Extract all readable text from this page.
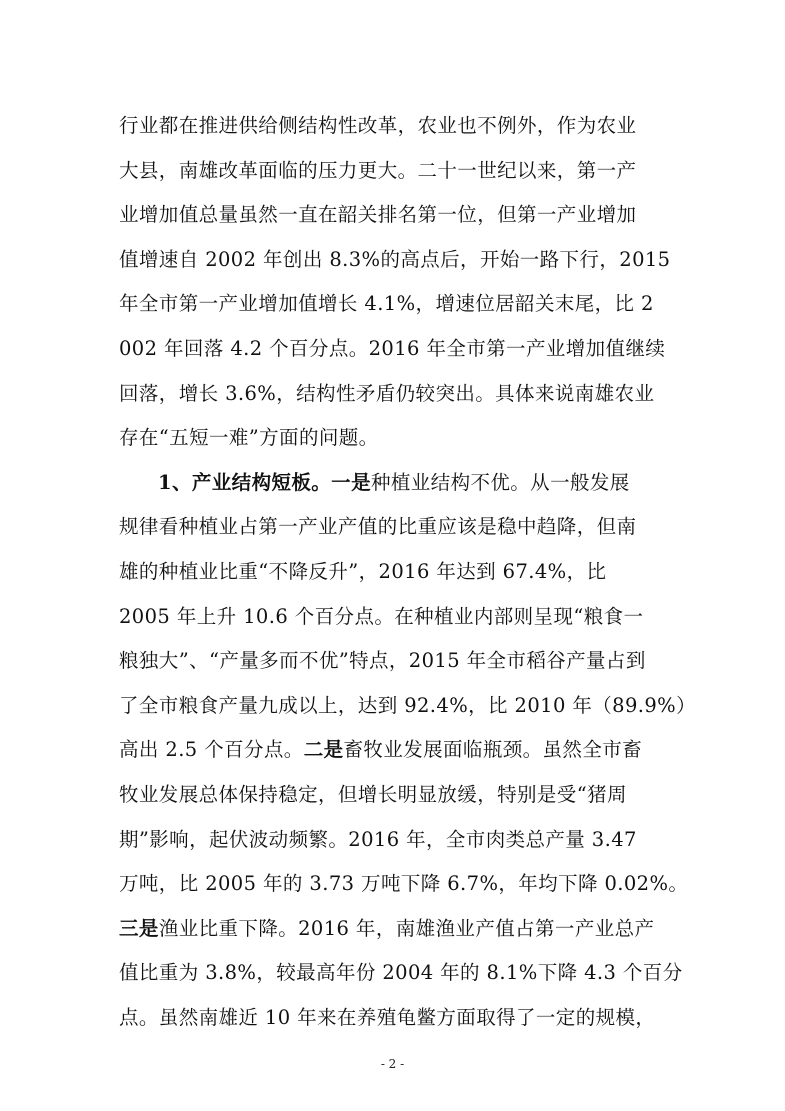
行业都在推进供给侧结构性改革，农业也不例外，作为农业
大县，南雄改革面临的压力更大。二十一世纪以来，第一产
业增加值总量虽然一直在韶关排名第一位，但第一产业增加
值增速自 2002 年创出 8.3%的高点后，开始一路下行，2015
年全市第一产业增加值增长 4.1%，增速位居韶关末尾，比 2
002 年回落 4.2 个百分点。2016 年全市第一产业增加值继续
回落，增长 3.6%，结构性矛盾仍较突出。具体来说南雄农业
存在“五短一难”方面的问题。
1、产业结构短板。一是种植业结构不优。从一般发展
规律看种植业占第一产业产值的比重应该是稳中趋降，但南
雄的种植业比重“不降反升”，2016 年达到 67.4%，比
2005 年上升 10.6 个百分点。在种植业内部则呈现“粮食一
粮独大”、“产量多而不优”特点，2015 年全市稻谷产量占到
了全市粮食产量九成以上，达到 92.4%，比 2010 年（89.9%）
高出 2.5 个百分点。二是畜牧业发展面临瓶颈。虽然全市畜
牧业发展总体保持稳定，但增长明显放缓，特别是受“猪周
期”影响，起伏波动频繁。2016 年，全市肉类总产量 3.47
万吨，比 2005 年的 3.73 万吨下降 6.7%，年均下降 0.02%。
三是渔业比重下降。2016 年，南雄渔业产值占第一产业总产
值比重为 3.8%，较最高年份 2004 年的 8.1%下降 4.3 个百分
点。虽然南雄近 10 年来在养殖龟鳖方面取得了一定的规模，
- 2 -
